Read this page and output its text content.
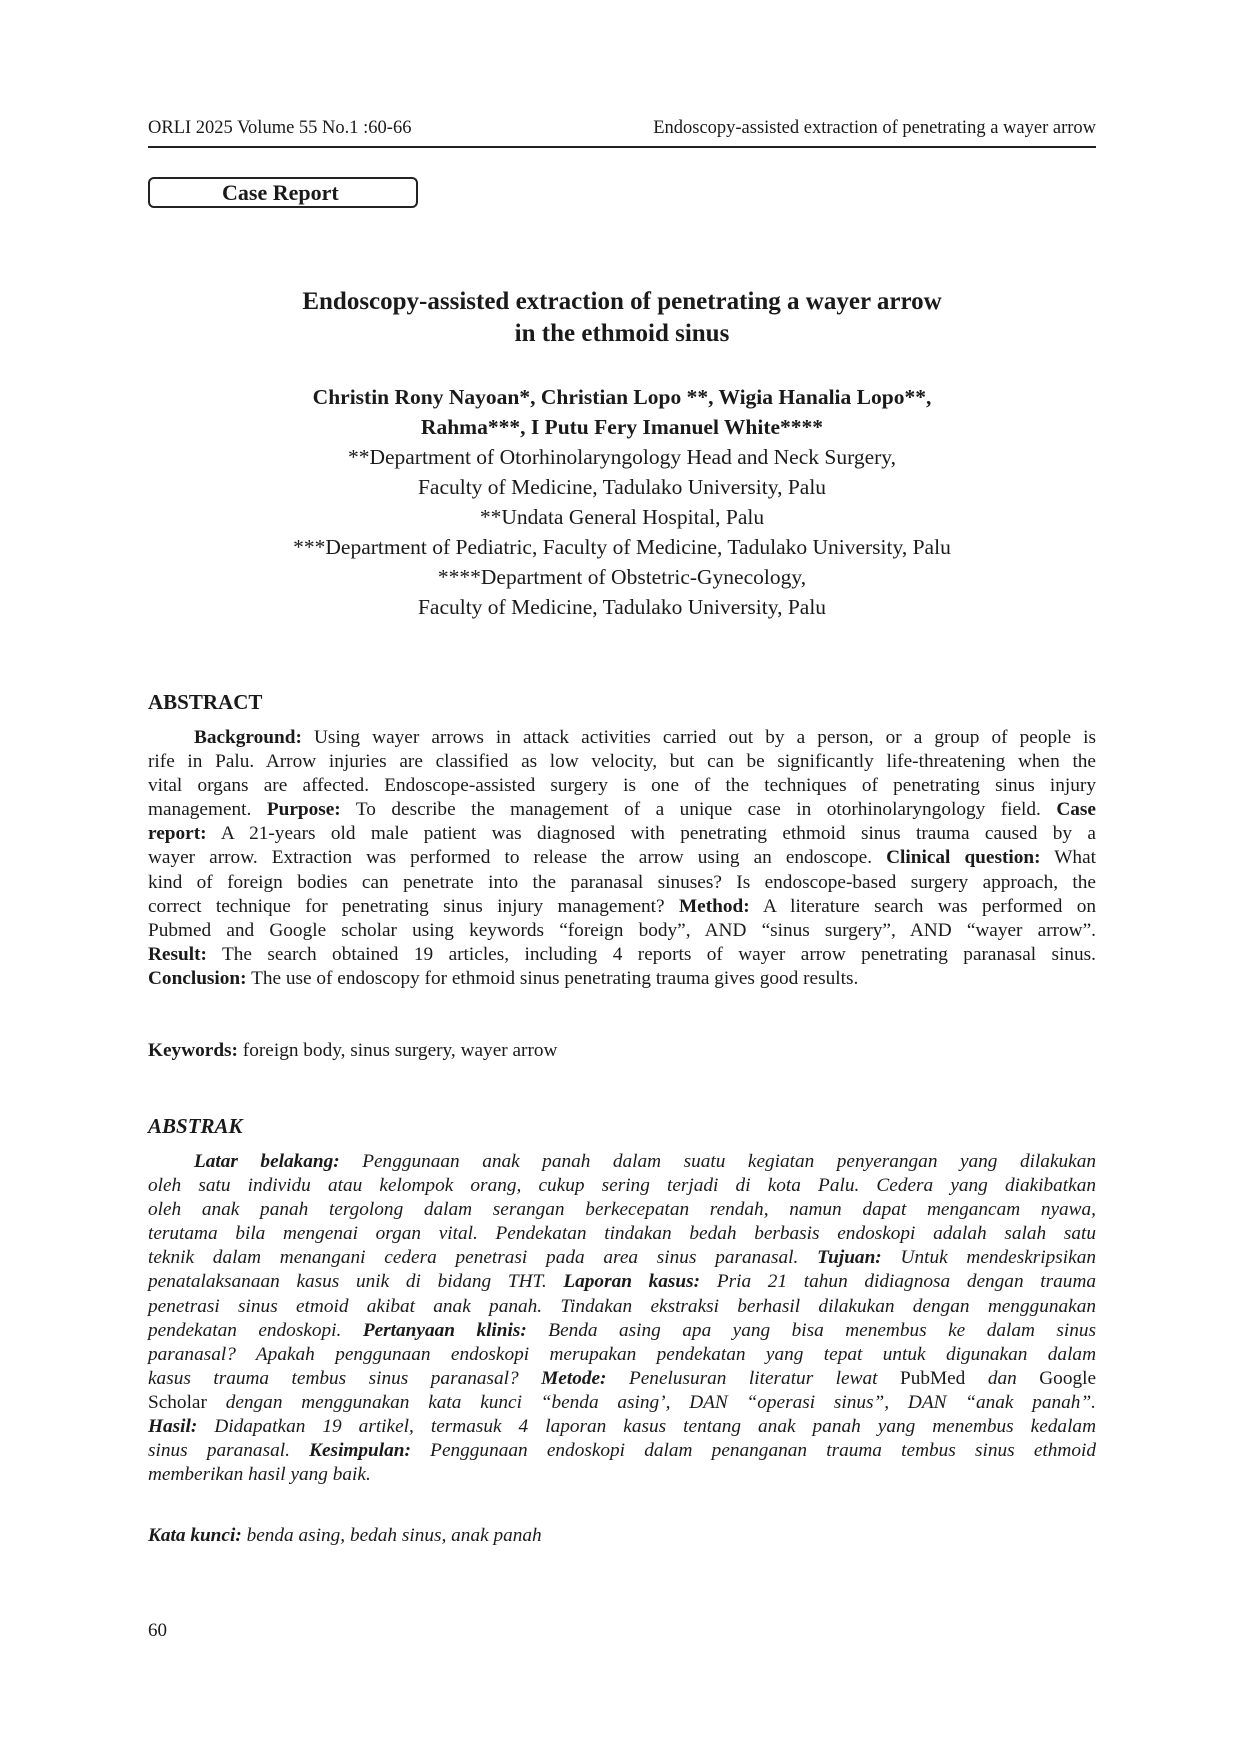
ORLI 2025 Volume 55 No.1 :60-66	Endoscopy-assisted extraction of penetrating a wayer arrow
Case Report
Endoscopy-assisted extraction of penetrating a wayer arrow
in the ethmoid sinus
Christin Rony Nayoan*, Christian Lopo **, Wigia Hanalia Lopo**,
Rahma***, I Putu Fery Imanuel White****
**Department of Otorhinolaryngology Head and Neck Surgery,
Faculty of Medicine, Tadulako University, Palu
**Undata General Hospital, Palu
***Department of Pediatric, Faculty of Medicine, Tadulako University, Palu
****Department of Obstetric-Gynecology,
Faculty of Medicine, Tadulako University, Palu
ABSTRACT
Background: Using wayer arrows in attack activities carried out by a person, or a group of people is
rife in Palu. Arrow injuries are classified as low velocity, but can be significantly life-threatening when the
vital organs are affected. Endoscope-assisted surgery is one of the techniques of penetrating sinus injury
management. Purpose: To describe the management of a unique case in otorhinolaryngology field. Case
report: A 21-years old male patient was diagnosed with penetrating ethmoid sinus trauma caused by a
wayer arrow. Extraction was performed to release the arrow using an endoscope. Clinical question: What
kind of foreign bodies can penetrate into the paranasal sinuses? Is endoscope-based surgery approach, the
correct technique for penetrating sinus injury management? Method: A literature search was performed on
Pubmed and Google scholar using keywords “foreign body”, AND “sinus surgery”, AND “wayer arrow”.
Result: The search obtained 19 articles, including 4 reports of wayer arrow penetrating paranasal sinus.
Conclusion: The use of endoscopy for ethmoid sinus penetrating trauma gives good results.
Keywords: foreign body, sinus surgery, wayer arrow
ABSTRAK
Latar belakang: Penggunaan anak panah dalam suatu kegiatan penyerangan yang dilakukan
oleh satu individu atau kelompok orang, cukup sering terjadi di kota Palu. Cedera yang diakibatkan
oleh anak panah tergolong dalam serangan berkecepatan rendah, namun dapat mengancam nyawa,
terutama bila mengenai organ vital. Pendekatan tindakan bedah berbasis endoskopi adalah salah satu
teknik dalam menangani cedera penetrasi pada area sinus paranasal. Tujuan: Untuk mendeskripsikan
penatalaksanaan kasus unik di bidang THT. Laporan kasus: Pria 21 tahun didiagnosa dengan trauma
penetrasi sinus etmoid akibat anak panah. Tindakan ekstraksi berhasil dilakukan dengan menggunakan
pendekatan endoskopi. Pertanyaan klinis: Benda asing apa yang bisa menembus ke dalam sinus
paranasal? Apakah penggunaan endoskopi merupakan pendekatan yang tepat untuk digunakan dalam
kasus trauma tembus sinus paranasal? Metode: Penelusuran literatur lewat PubMed dan Google
Scholar dengan menggunakan kata kunci “benda asing’, DAN “operasi sinus”, DAN “anak panah”.
Hasil: Didapatkan 19 artikel, termasuk 4 laporan kasus tentang anak panah yang menembus kedalam
sinus paranasal. Kesimpulan: Penggunaan endoskopi dalam penanganan trauma tembus sinus ethmoid
memberikan hasil yang baik.
Kata kunci: benda asing, bedah sinus, anak panah
60
